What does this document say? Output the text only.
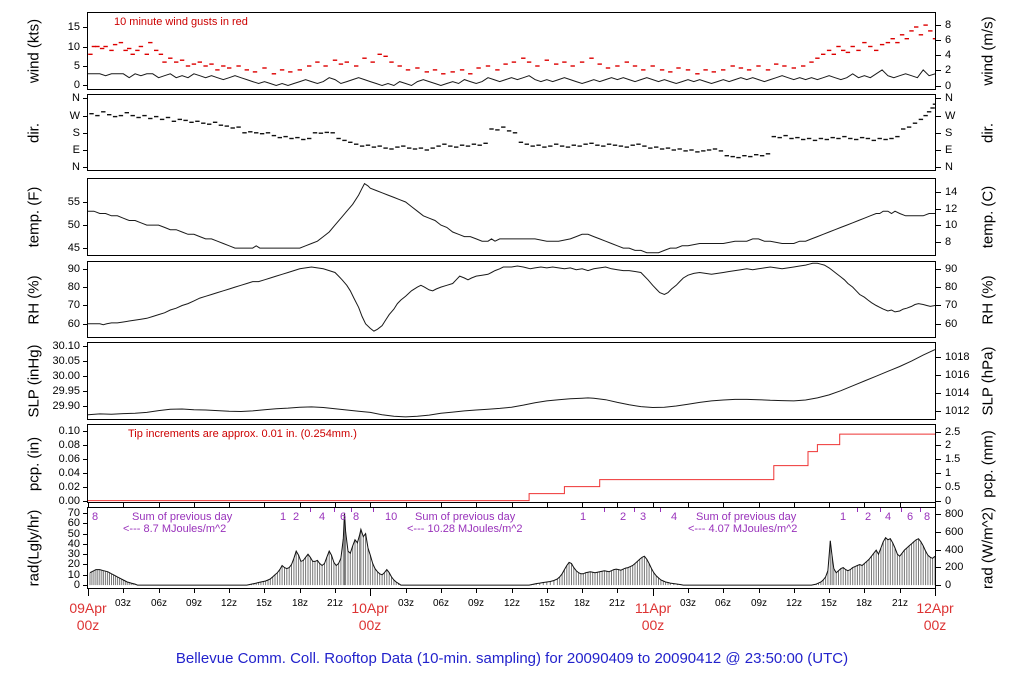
10 minute wind gusts in red
Tip increments are approx. 0.01 in. (0.254mm.)
Sum of previous day
<--- 8.7 MJoules/m^2
Sum of previous day
<--- 10.28 MJoules/m^2
Sum of previous day
<--- 4.07 MJoules/m^2
8	1 2 4 6 8 10	1	2 3 4	1 2 4 6 8
03z	06z	09z	12z	15z	18z	21z	03z	06z	09z	12z	15z	18z	21z	03z	06z	09z	12z	15z	18z	21z
09Apr
00z
10Apr
00z
11Apr
00z
12Apr
00z
Bellevue Comm. Coll. Rooftop Data (10-min. sampling) for 20090409 to 20090412 @ 23:50:00 (UTC)
0
5
10
15
0
2
4
6
8
wind (kts)	wind (m/s)
N
E
S
W
N
N
E
S
W
N
dir.	dir.
45
50
55
8
10
12
14
temp. (F)	temp. (C)
60
70
80
90
60
70
80
90
RH (%)	RH (%)
29.90
29.95
30.00
30.05
30.10
1012
1014
1016
1018
SLP (inHg)	SLP (hPa)
0.00
0.02
0.04
0.06
0.08
0.10
0
0.5
1
1.5
2
2.5
pcp. (in)	pcp. (mm)
0
10
20
30
40
50
60
70
0
200
400
600
800
rad(Lgly/hr)	rad (W/m^2)
